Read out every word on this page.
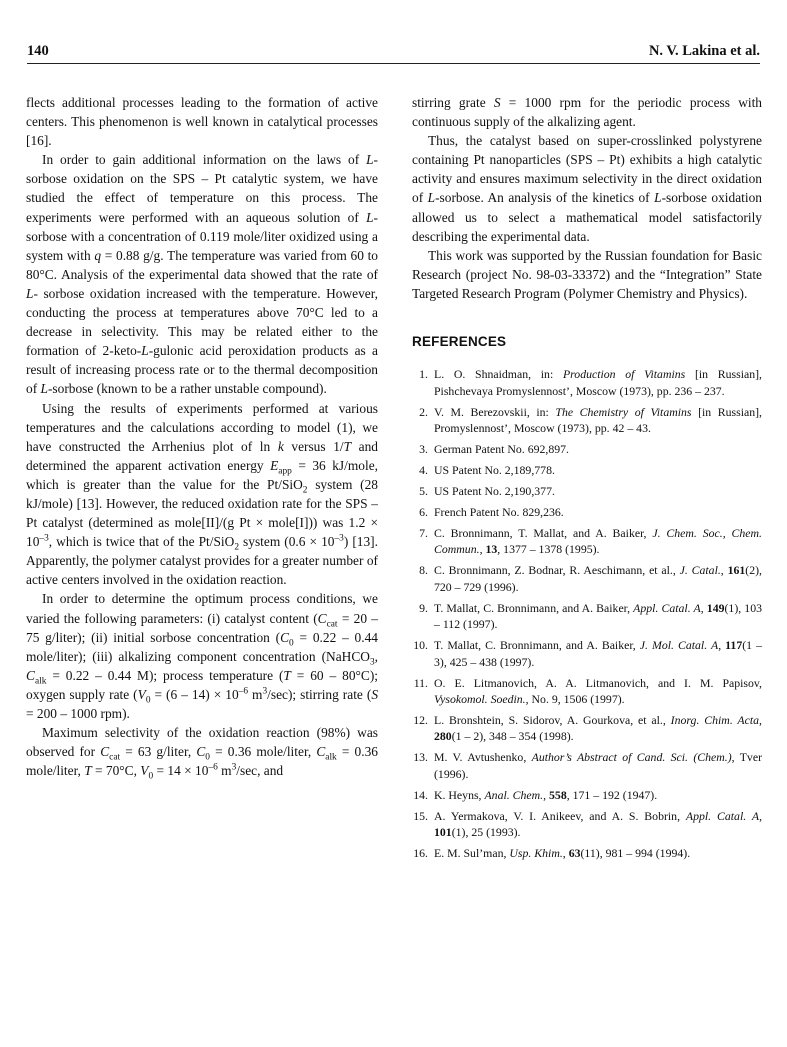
140	N. V. Lakina et al.

flects additional processes leading to the formation of active centers. This phenomenon is well known in catalytical processes [16].

In order to gain additional information on the laws of L-sorbose oxidation on the SPS – Pt catalytic system, we have studied the effect of temperature on this process. The experiments were performed with an aqueous solution of L-sorbose with a concentration of 0.119 mole/liter oxidized using a system with q = 0.88 g/g. The temperature was varied from 60 to 80°C. Analysis of the experimental data showed that the rate of L- sorbose oxidation increased with the temperature. However, conducting the process at temperatures above 70°C led to a decrease in selectivity. This may be related either to the formation of 2-keto-L-gulonic acid peroxidation products as a result of increasing process rate or to the thermal decomposition of L-sorbose (known to be a rather unstable compound).

Using the results of experiments performed at various temperatures and the calculations according to model (1), we have constructed the Arrhenius plot of ln k versus 1/T and determined the apparent activation energy $E_{app} = 36$ kJ/mole, which is greater than the value for the Pt/SiO$_2$ system (28 kJ/mole) [13]. However, the reduced oxidation rate for the SPS – Pt catalyst (determined as mole[II]/(g Pt × mole[I])) was $1.2 \times 10^{-3}$, which is twice that of the Pt/SiO$_2$ system $(0.6 \times 10^{-3})$ [13]. Apparently, the polymer catalyst provides for a greater number of active centers involved in the oxidation reaction.

In order to determine the optimum process conditions, we varied the following parameters: (i) catalyst content ($C_{cat} = 20 - 75$ g/liter); (ii) initial sorbose concentration ($C_0 = 0.22 - 0.44$ mole/liter); (iii) alkalizing component concentration (NaHCO$_3$, $C_{alk} = 0.22 - 0.44$ M); process temperature (T = 60 – 80°C); oxygen supply rate ($V_0 = (6 - 14) \times 10^{-6}$ $m^3/\sec$); stirring rate (S = 200 – 1000 rpm).

Maximum selectivity of the oxidation reaction (98%) was observed for $C_{cat} = 63$ g/liter, $C_0 = 0.36$ mole/liter, $C_{alk} = 0.36$ mole/liter, T = 70°C, $V_0 = 14 \times 10^{-6}$ $m^3/\sec$, and

stirring grate S = 1000 rpm for the periodic process with continuous supply of the alkalizing agent.

Thus, the catalyst based on super-crosslinked polystyrene containing Pt nanoparticles (SPS – Pt) exhibits a high catalytic activity and ensures maximum selectivity in the direct oxidation of L-sorbose. An analysis of the kinetics of L-sorbose oxidation allowed us to select a mathematical model satisfactorily describing the experimental data.

This work was supported by the Russian foundation for Basic Research (project No. 98-03-33372) and the “Integration” State Targeted Research Program (Polymer Chemistry and Physics).

REFERENCES
1. L. O. Shnaidman, in: Production of Vitamins [in Russian], Pishchevaya Promyslennost’, Moscow (1973), pp. 236 – 237.
2. V. M. Berezovskii, in: The Chemistry of Vitamins [in Russian], Promyslennost’, Moscow (1973), pp. 42 – 43.
3. German Patent No. 692,897.
4. US Patent No. 2,189,778.
5. US Patent No. 2,190,377.
6. French Patent No. 829,236.
7. C. Bronnimann, T. Mallat, and A. Baiker, J. Chem. Soc., Chem. Commun., 13, 1377 – 1378 (1995).
8. C. Bronnimann, Z. Bodnar, R. Aeschimann, et al., J. Catal., 161(2), 720 – 729 (1996).
9. T. Mallat, C. Bronnimann, and A. Baiker, Appl. Catal. A, 149(1), 103 – 112 (1997).
10. T. Mallat, C. Bronnimann, and A. Baiker, J. Mol. Catal. A, 117(1 – 3), 425 – 438 (1997).
11. O. E. Litmanovich, A. A. Litmanovich, and I. M. Papisov, Vysokomol. Soedin., No. 9, 1506 (1997).
12. L. Bronshtein, S. Sidorov, A. Gourkova, et al., Inorg. Chim. Acta, 280(1 – 2), 348 – 354 (1998).
13. M. V. Avtushenko, Author’s Abstract of Cand. Sci. (Chem.), Tver (1996).
14. K. Heyns, Anal. Chem., 558, 171 – 192 (1947).
15. A. Yermakova, V. I. Anikeev, and A. S. Bobrin, Appl. Catal. A, 101(1), 25 (1993).
16. E. M. Sul’man, Usp. Khim., 63(11), 981 – 994 (1994).
